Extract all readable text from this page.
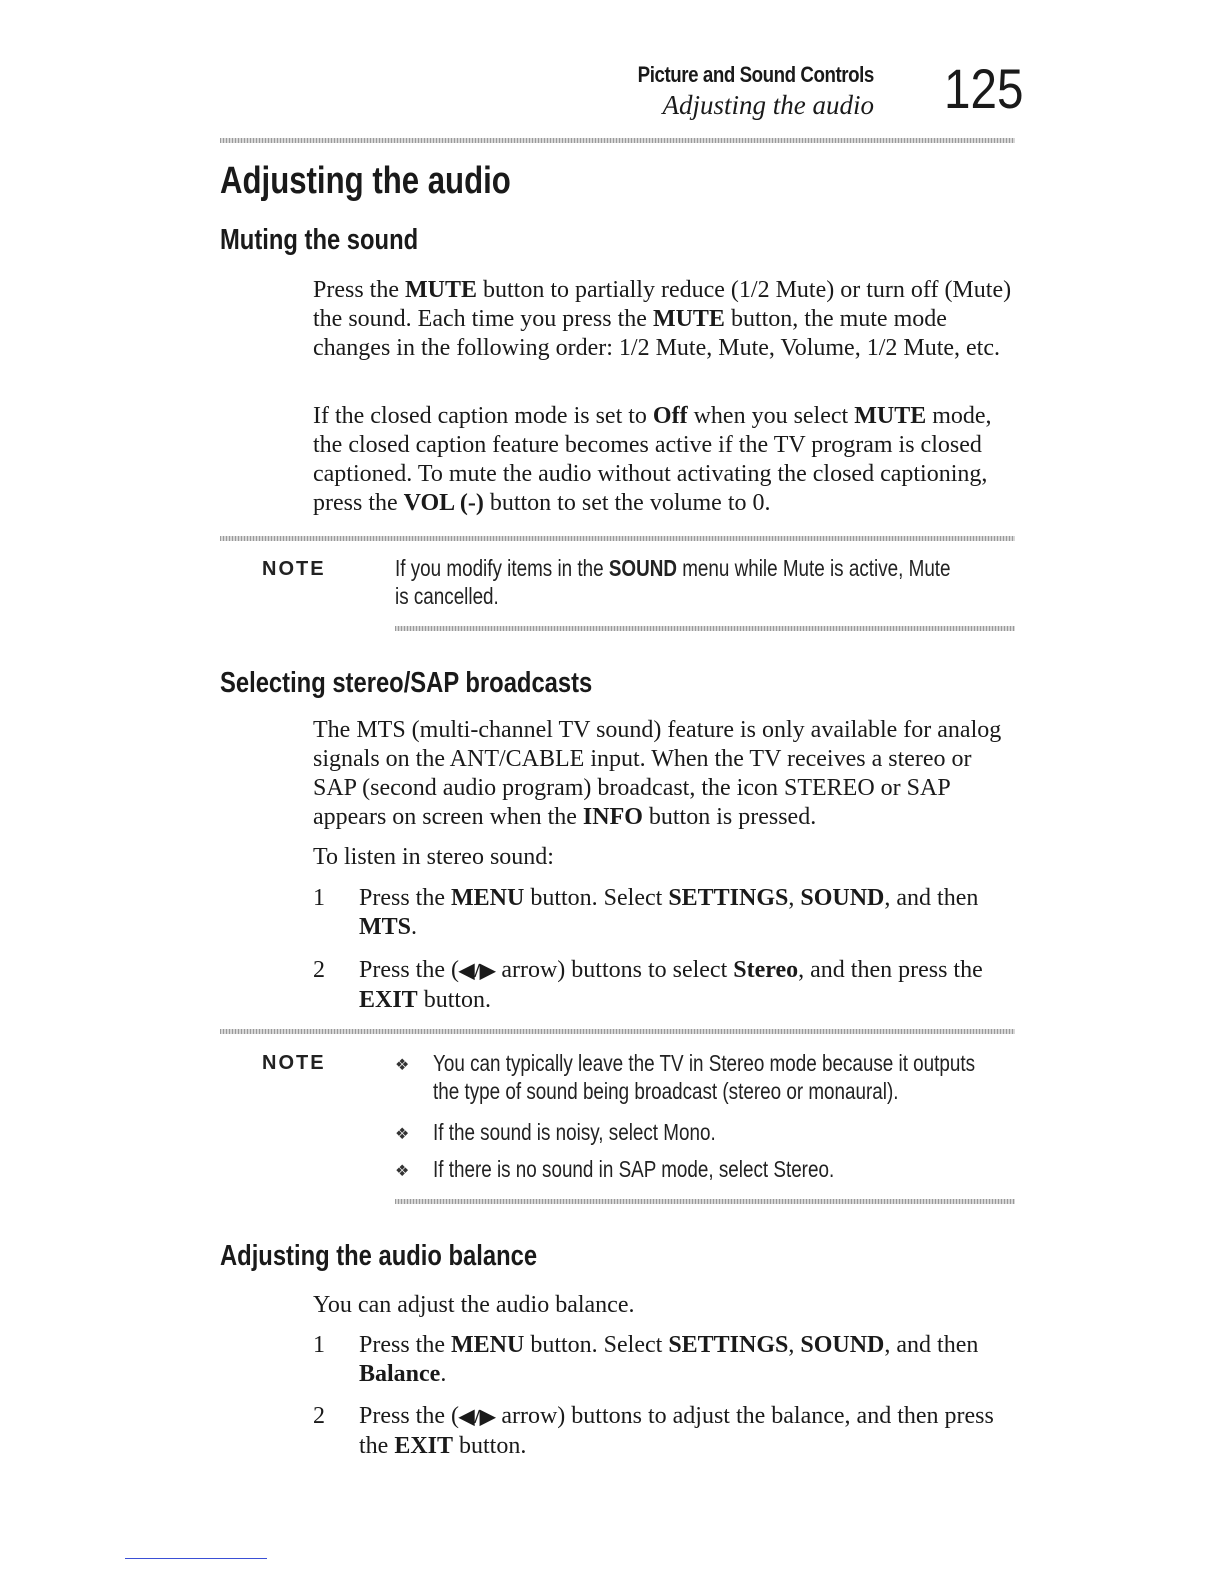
Picture and Sound Controls
Adjusting the audio 125
Adjusting the audio
Muting the sound

Press the MUTE button to partially reduce (1/2 Mute) or turn off (Mute) the sound. Each time you press the MUTE button, the mute mode changes in the following order: 1/2 Mute, Mute, Volume, 1/2 Mute, etc.

If the closed caption mode is set to Off when you select MUTE mode, the closed caption feature becomes active if the TV program is closed captioned. To mute the audio without activating the closed captioning, press the VOL (-) button to set the volume to 0.

NOTE	If you modify items in the SOUND menu while Mute is active, Mute
is cancelled.
Selecting stereo/SAP broadcasts

The MTS (multi-channel TV sound) feature is only available for analog signals on the ANT/CABLE input. When the TV receives a stereo or SAP (second audio program) broadcast, the icon STEREO or SAP appears on screen when the INFO button is pressed.

To listen in stereo sound:

1 Press the MENU button. Select SETTINGS, SOUND, and then MTS.

2 Press the (◀/▶ arrow) buttons to select Stereo, and then press the EXIT button.

NOTE	❖ You can typically leave the TV in Stereo mode because it outputs
the type of sound being broadcast (stereo or monaural).
❖ If the sound is noisy, select Mono.
❖ If there is no sound in SAP mode, select Stereo.
Adjusting the audio balance

You can adjust the audio balance.

1 Press the MENU button. Select SETTINGS, SOUND, and then Balance.

2 Press the (◀/▶ arrow) buttons to adjust the balance, and then press the EXIT button.
